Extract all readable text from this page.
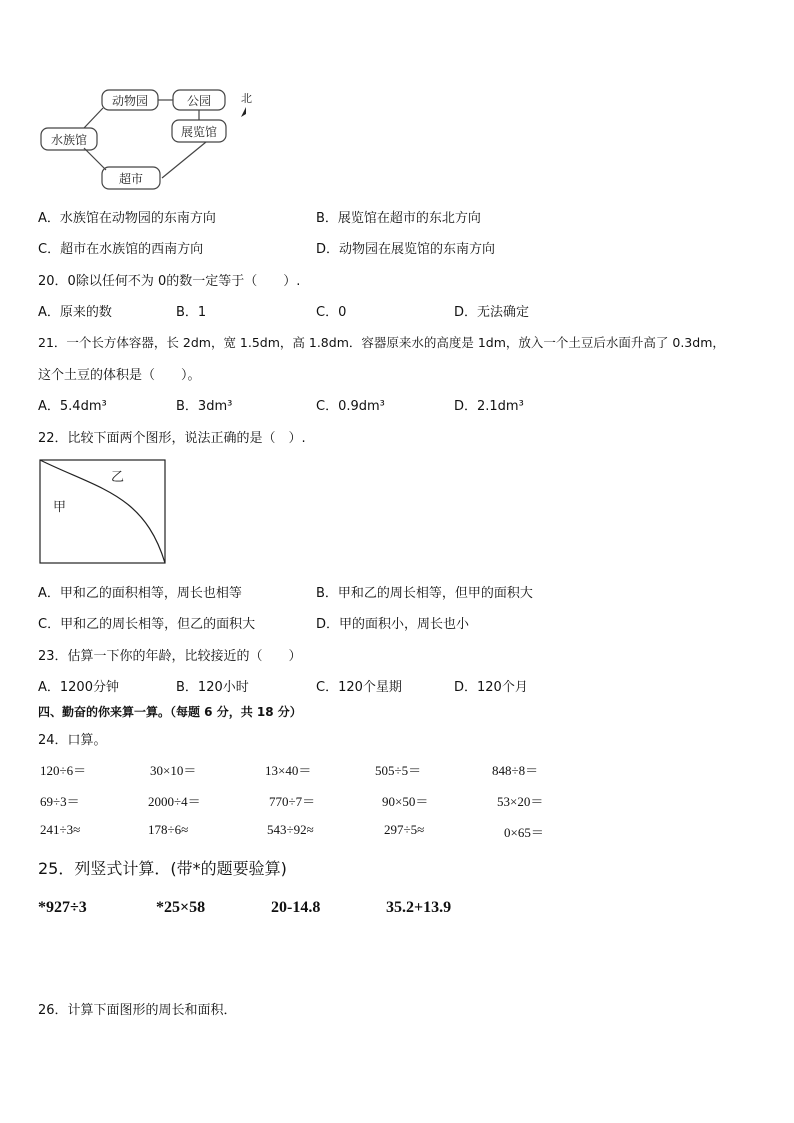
动物园	公园
展览馆
水族馆
超市
北
A．水族馆在动物园的东南方向	B．展览馆在超市的东北方向
C．超市在水族馆的西南方向	D．动物园在展览馆的东南方向
20．0除以任何不为 0的数一定等于（　　）.
A．原来的数	B．1	C．0	D．无法确定
21．一个长方体容器，长 2dm，宽 1.5dm，高 1.8dm．容器原来水的高度是 1dm，放入一个土豆后水面升高了 0.3dm，
这个土豆的体积是（　　）。
A．5.4dm³	B．3dm³	C．0.9dm³	D．2.1dm³
22．比较下面两个图形，说法正确的是（　）.
甲
乙
A．甲和乙的面积相等，周长也相等	B．甲和乙的周长相等，但甲的面积大
C．甲和乙的周长相等，但乙的面积大	D．甲的面积小，周长也小
23．估算一下你的年龄，比较接近的（　　）
A．1200分钟	B．120小时	C．120个星期	D．120个月
四、勤奋的你来算一算。（每题 6 分，共 18 分）
24．口算。
120÷6＝	30×10＝	13×40＝	505÷5＝	848÷8＝
69÷3＝	2000÷4＝	770÷7＝	90×50＝	53×20＝
241÷3≈	178÷6≈	543÷92≈	297÷5≈	0×65＝
25．列竖式计算．(带*的题要验算)
*927÷3	*25×58	20-14.8	35.2+13.9
26．计算下面图形的周长和面积．
